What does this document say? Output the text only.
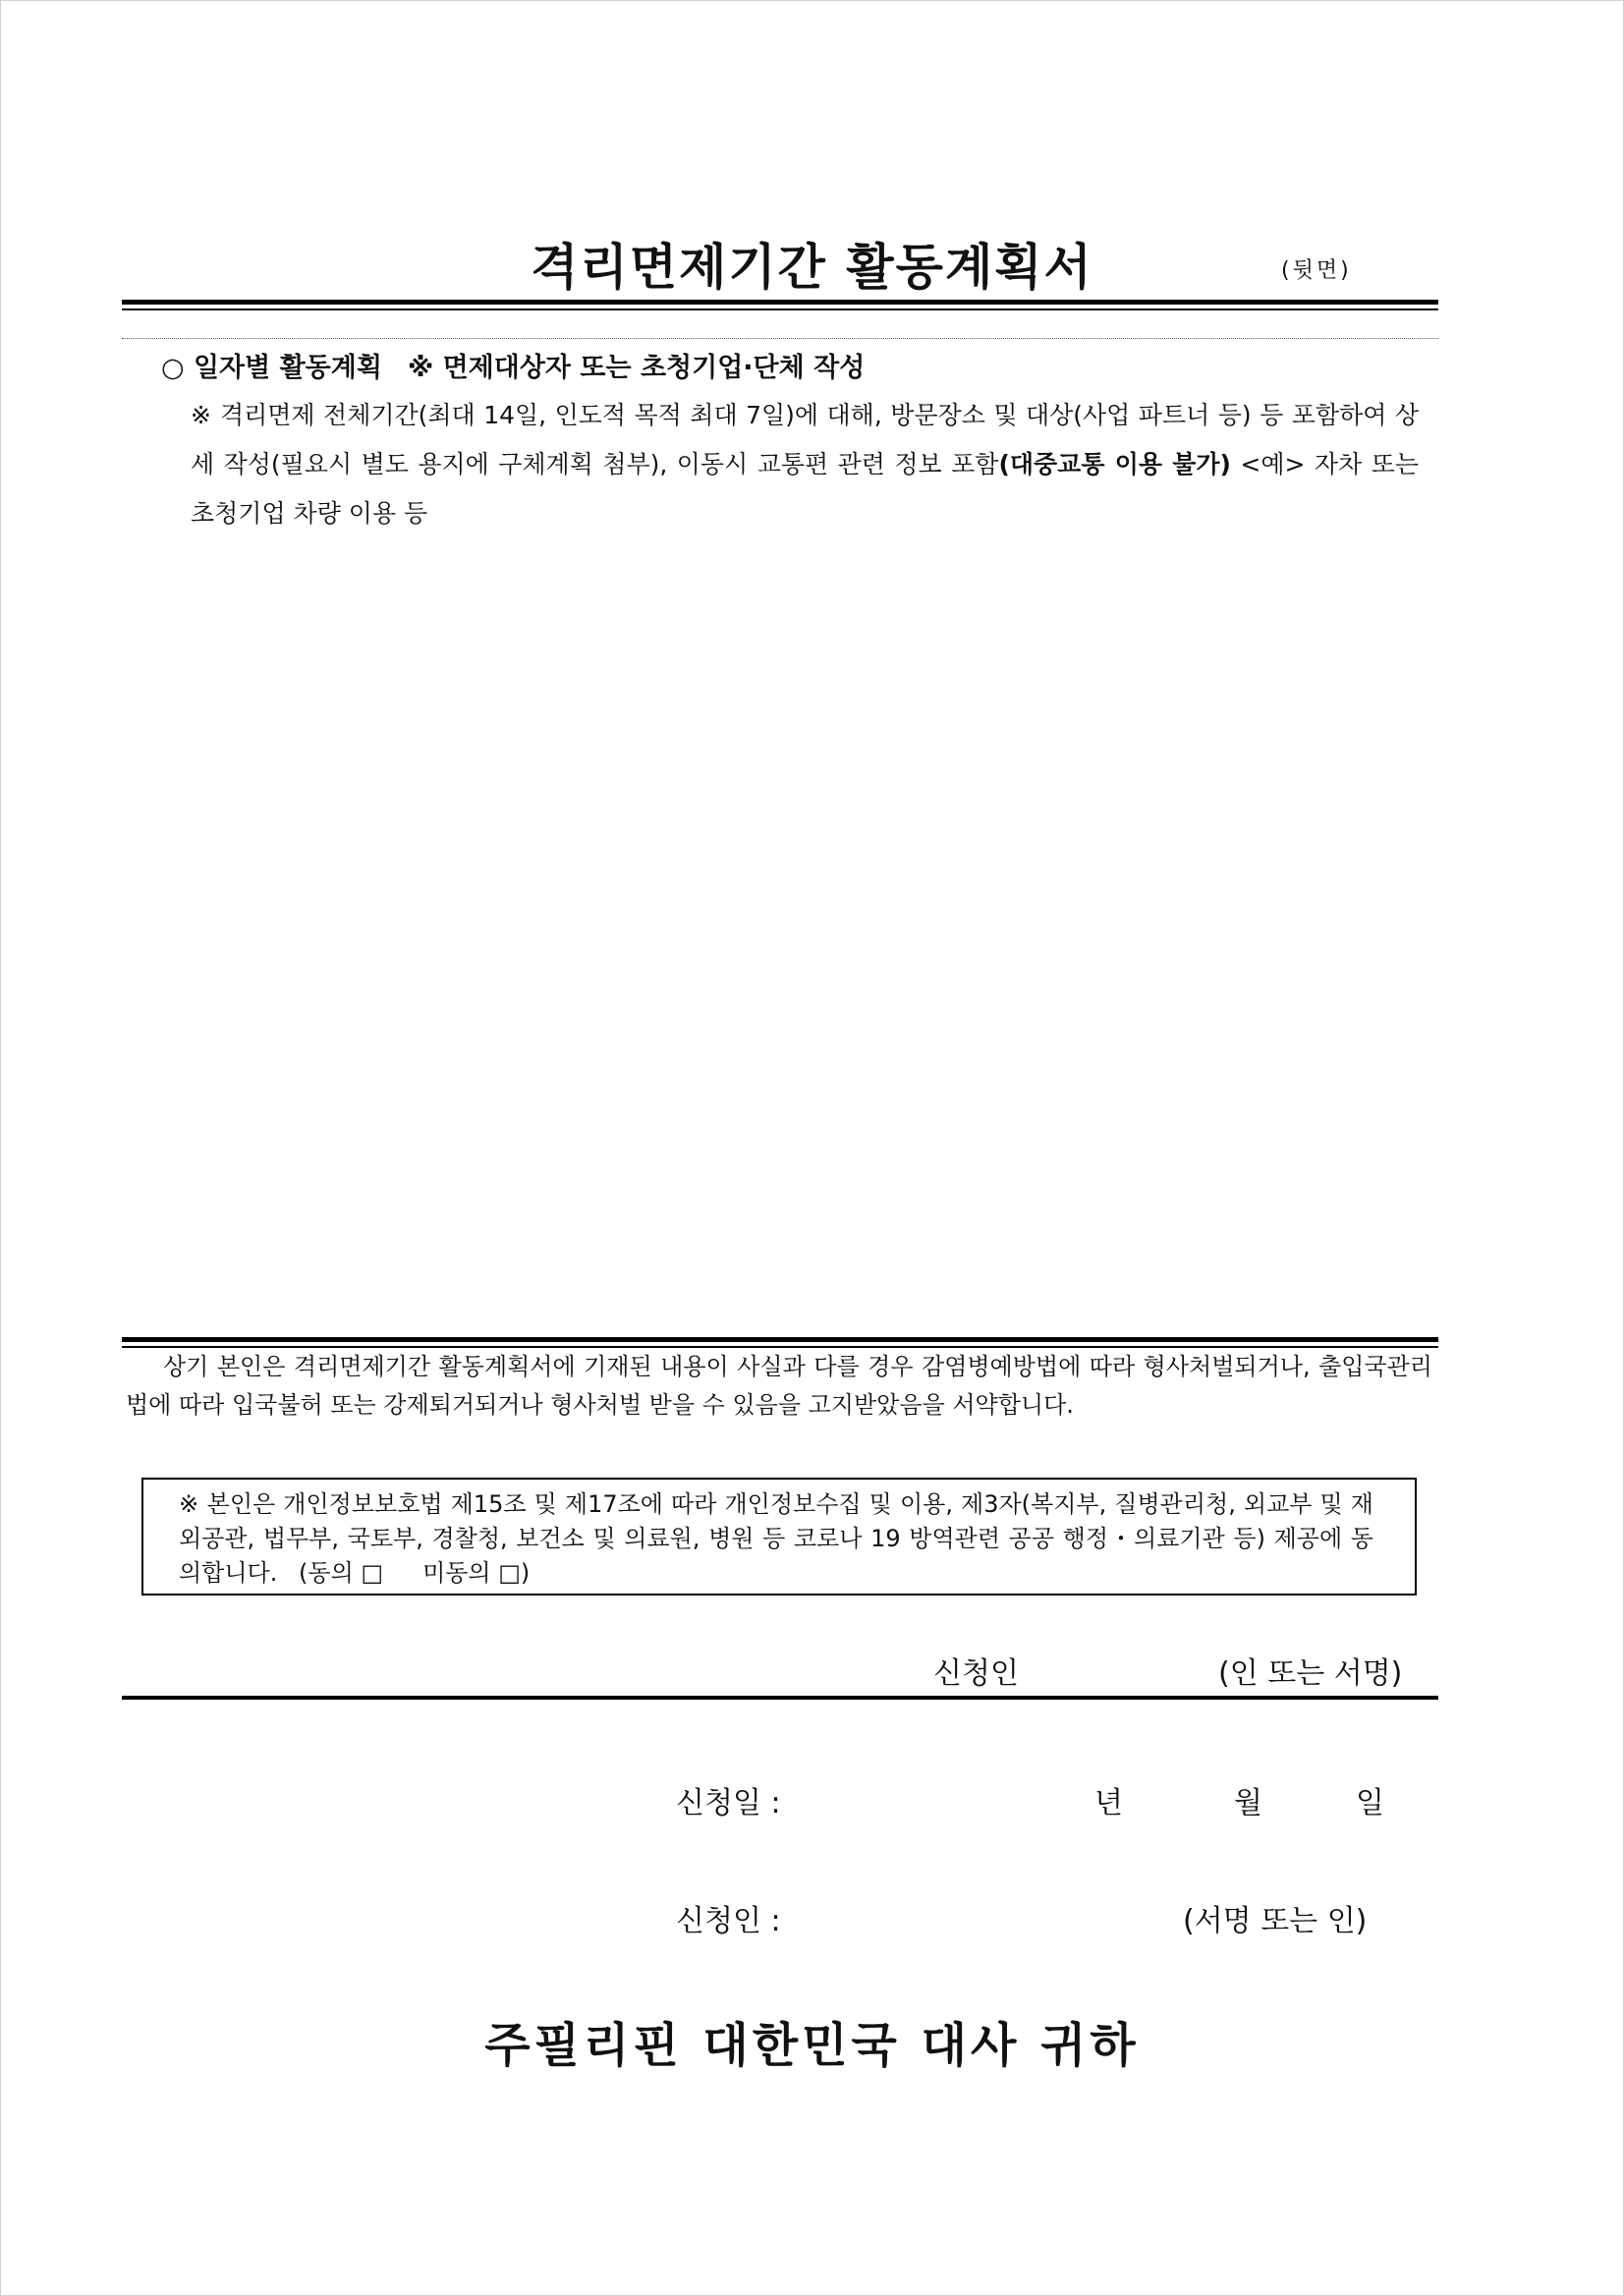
격리면제기간 활동계획서	(뒷면)
○ 일자별 활동계획 ※ 면제대상자 또는 초청기업·단체 작성
※ 격리면제 전체기간(최대 14일, 인도적 목적 최대 7일)에 대해, 방문장소 및 대상(사업 파트너 등) 등 포함하여 상세 작성(필요시 별도 용지에 구체계획 첨부), 이동시 교통편 관련 정보 포함(대중교통 이용 불가) <예> 자차 또는 초청기업 차량 이용 등
상기 본인은 격리면제기간 활동계획서에 기재된 내용이 사실과 다를 경우 감염병예방법에 따라 형사처벌되거나, 출입국관리법에 따라 입국불허 또는 강제퇴거되거나 형사처벌 받을 수 있음을 고지받았음을 서약합니다.
※ 본인은 개인정보보호법 제15조 및 제17조에 따라 개인정보수집 및 이용, 제3자(복지부, 질병관리청, 외교부 및 재외공관, 법무부, 국토부, 경찰청, 보건소 및 의료원, 병원 등 코로나 19 방역관련 공공 행정・의료기관 등) 제공에 동의합니다. (동의 □ 미동의 □)
신청인	(인 또는 서명)
신청일 :	년	월	일
신청인 :	(서명 또는 인)
주필리핀 대한민국 대사 귀하
